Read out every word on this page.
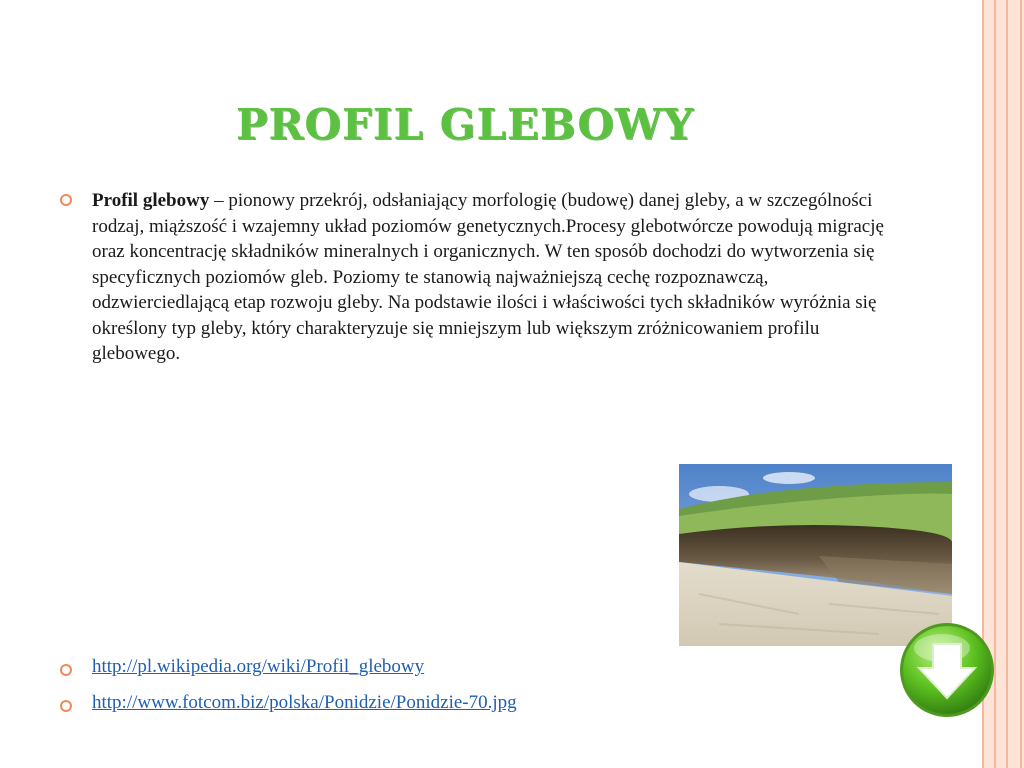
PROFIL GLEBOWY
Profil glebowy – pionowy przekrój, odsłaniający morfologię (budowę) danej gleby, a w szczególności rodzaj, miąższość i wzajemny układ poziomów genetycznych.Procesy glebotwórcze powodują migrację oraz koncentrację składników mineralnych i organicznych. W ten sposób dochodzi do wytworzenia się specyficznych poziomów gleb. Poziomy te stanowią najważniejszą cechę rozpoznawczą, odzwierciedlającą etap rozwoju gleby. Na podstawie ilości i właściwości tych składników wyróżnia się określony typ gleby, który charakteryzuje się mniejszym lub większym zróżnicowaniem profilu glebowego.
http://pl.wikipedia.org/wiki/Profil_glebowy
http://www.fotcom.biz/polska/Ponidzie/Ponidzie-70.jpg
